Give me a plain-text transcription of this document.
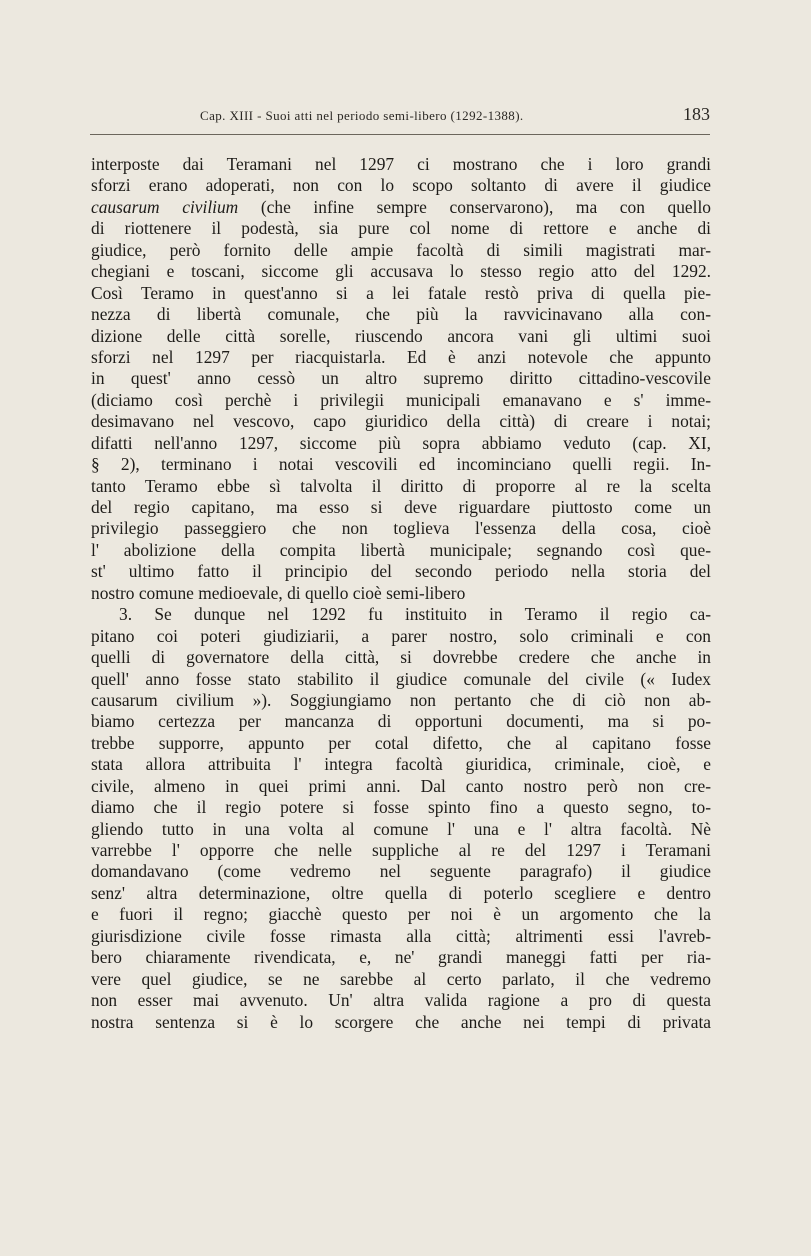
Cap. XIII - Suoi atti nel periodo semi-libero (1292-1388).	183
interposte dai Teramani nel 1297 ci mostrano che i loro grandi
sforzi erano adoperati, non con lo scopo soltanto di avere il giudice
causarum civilium (che infine sempre conservarono), ma con quello
di riottenere il podestà, sia pure col nome di rettore e anche di
giudice, però fornito delle ampie facoltà di simili magistrati mar-
chegiani e toscani, siccome gli accusava lo stesso regio atto del 1292.
Così Teramo in quest'anno si a lei fatale restò priva di quella pie-
nezza di libertà comunale, che più la ravvicinavano alla con-
dizione delle città sorelle, riuscendo ancora vani gli ultimi suoi
sforzi nel 1297 per riacquistarla. Ed è anzi notevole che appunto
in quest' anno cessò un altro supremo diritto cittadino-vescovile
(diciamo così perchè i privilegii municipali emanavano e s' imme-
desimavano nel vescovo, capo giuridico della città) di creare i notai;
difatti nell'anno 1297, siccome più sopra abbiamo veduto (cap. XI,
§ 2), terminano i notai vescovili ed incominciano quelli regii. In-
tanto Teramo ebbe sì talvolta il diritto di proporre al re la scelta
del regio capitano, ma esso si deve riguardare piuttosto come un
privilegio passeggiero che non toglieva l'essenza della cosa, cioè
l' abolizione della compita libertà municipale; segnando così que-
st' ultimo fatto il principio del secondo periodo nella storia del
nostro comune medioevale, di quello cioè semi-libero
3. Se dunque nel 1292 fu instituito in Teramo il regio ca-
pitano coi poteri giudiziarii, a parer nostro, solo criminali e con
quelli di governatore della città, si dovrebbe credere che anche in
quell' anno fosse stato stabilito il giudice comunale del civile (« Iudex
causarum civilium »). Soggiungiamo non pertanto che di ciò non ab-
biamo certezza per mancanza di opportuni documenti, ma si po-
trebbe supporre, appunto per cotal difetto, che al capitano fosse
stata allora attribuita l' integra facoltà giuridica, criminale, cioè, e
civile, almeno in quei primi anni. Dal canto nostro però non cre-
diamo che il regio potere si fosse spinto fino a questo segno, to-
gliendo tutto in una volta al comune l' una e l' altra facoltà. Nè
varrebbe l' opporre che nelle suppliche al re del 1297 i Teramani
domandavano (come vedremo nel seguente paragrafo) il giudice
senz' altra determinazione, oltre quella di poterlo scegliere e dentro
e fuori il regno; giacchè questo per noi è un argomento che la
giurisdizione civile fosse rimasta alla città; altrimenti essi l'avreb-
bero chiaramente rivendicata, e, ne' grandi maneggi fatti per ria-
vere quel giudice, se ne sarebbe al certo parlato, il che vedremo
non esser mai avvenuto. Un' altra valida ragione a pro di questa
nostra sentenza si è lo scorgere che anche nei tempi di privata
